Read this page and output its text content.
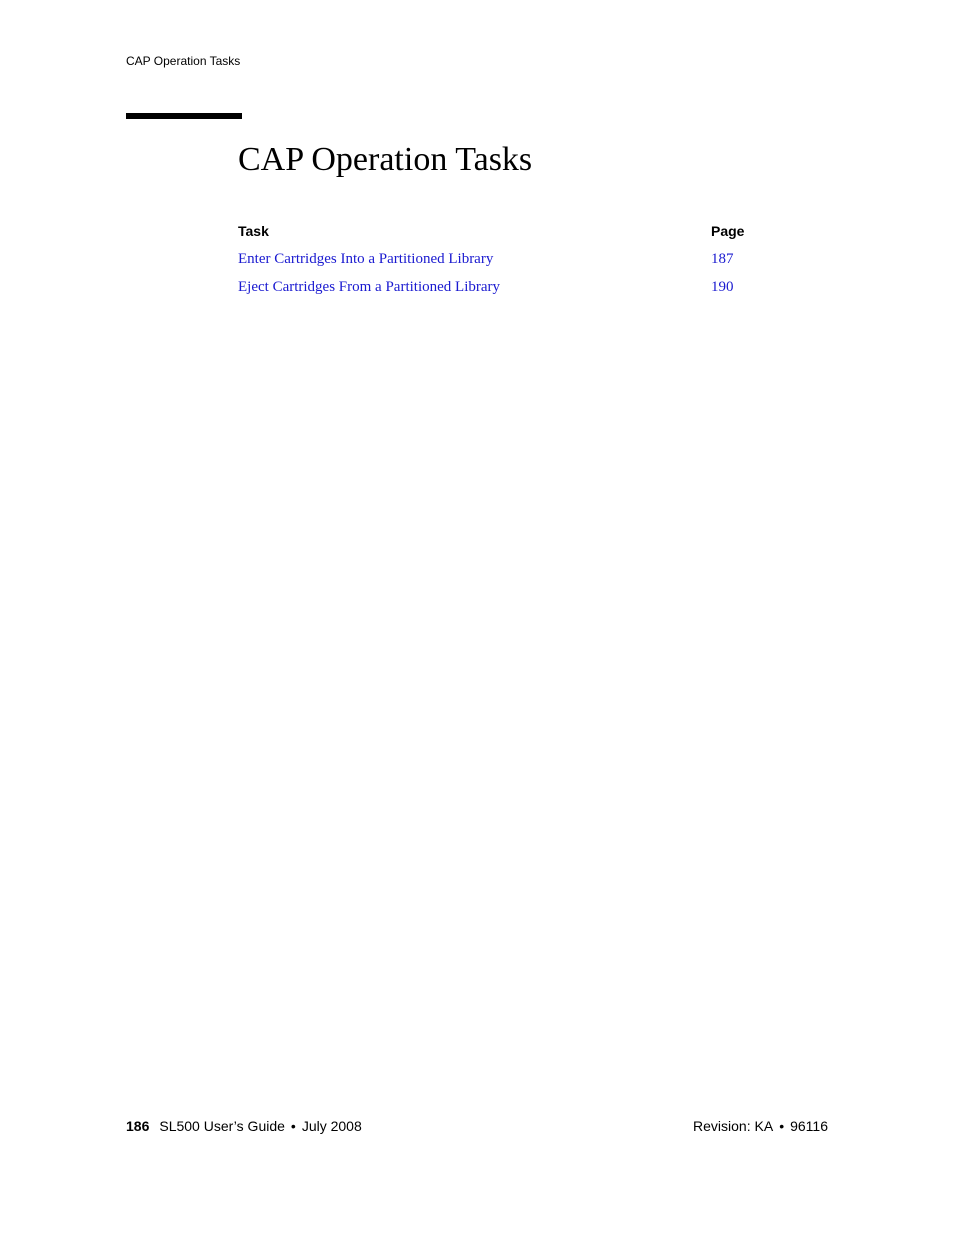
CAP Operation Tasks
CAP Operation Tasks
Task	Page
Enter Cartridges Into a Partitioned Library	187
Eject Cartridges From a Partitioned Library	190
186 SL500 User’s Guide • July 2008	Revision: KA • 96116
